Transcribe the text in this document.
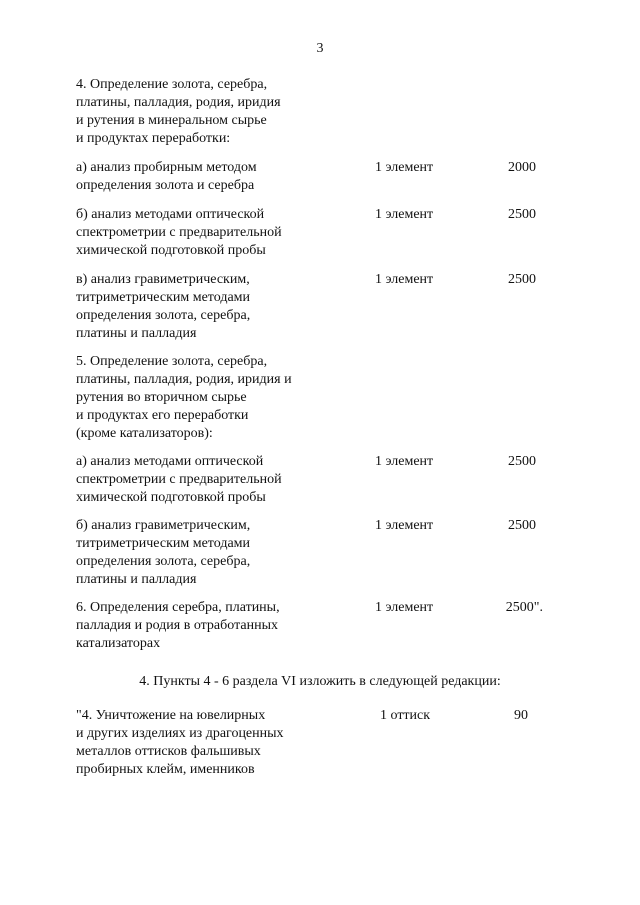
3
4. Определение золота, серебра,
платины, палладия, родия, иридия
и рутения в минеральном сырье
и продуктах переработки:
а) анализ пробирным методом
определения золота и серебра
1 элемент	2000
б) анализ методами оптической
спектрометрии с предварительной
химической подготовкой пробы
1 элемент	2500
в) анализ гравиметрическим,
титриметрическим методами
определения золота, серебра,
платины и палладия
1 элемент	2500
5. Определение золота, серебра,
платины, палладия, родия, иридия и
рутения во вторичном сырье
и продуктах его переработки
(кроме катализаторов):
а) анализ методами оптической
спектрометрии с предварительной
химической подготовкой пробы
1 элемент	2500
б) анализ гравиметрическим,
титриметрическим методами
определения золота, серебра,
платины и палладия
1 элемент	2500
6. Определения серебра, платины,
палладия и родия в отработанных
катализаторах
1 элемент	2500".
4. Пункты 4 - 6 раздела VI изложить в следующей редакции:
"4. Уничтожение на ювелирных
и других изделиях из драгоценных
металлов оттисков фальшивых
пробирных клейм, именников
1 оттиск	90
